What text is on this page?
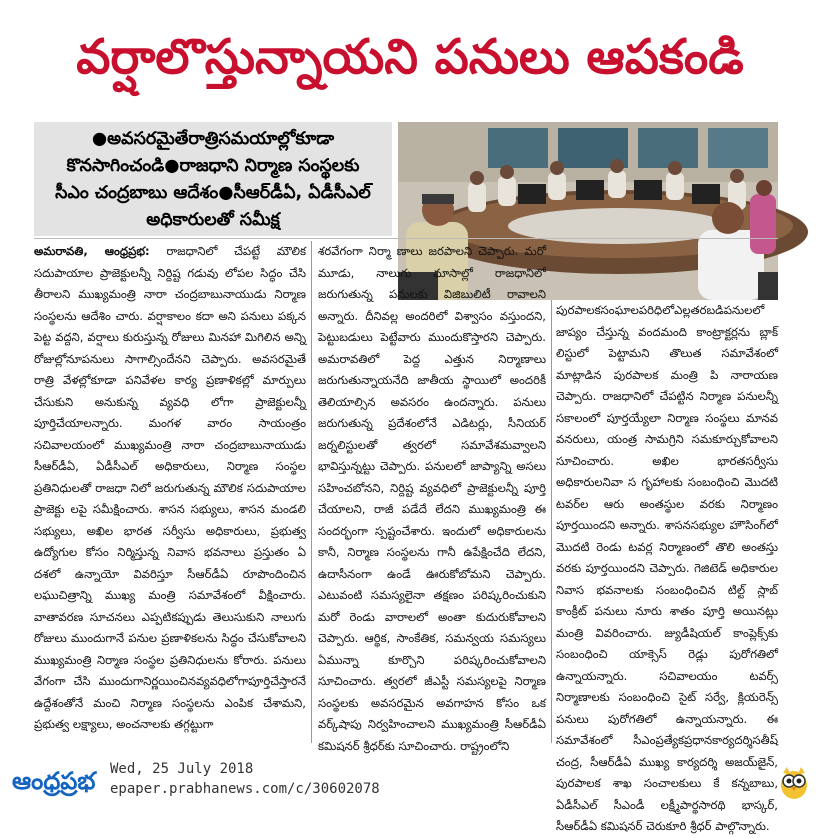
వర్షాలొస్తున్నాయని పనులు ఆపకండి
●అవసరమైతేరాత్రిసమయాల్లోకూడా
కొనసాగించండి●రాజధాని నిర్మాణ సంస్థలకు
సీఎం చంద్రబాబు ఆదేశం●సీఆర్‌డీఏ, ఏడీసీఎల్
అధికారులతో సమీక్ష

అమరావతి, ఆంధ్రప్రభ: రాజధానిలో చేపట్టే మౌలిక సదుపాయాల ప్రాజెక్టులన్నీ నిర్దిష్ట గడువు లోపల సిద్ధం చేసి తీరాలని ముఖ్యమంత్రి నారా చంద్రబాబునాయుడు నిర్మాణ సంస్థలను ఆదేశిం చారు. వర్షాకాలం కదా అని పనులు పక్కన పెట్ట వద్దని, వర్షాలు కురుస్తున్న రోజులు మినహా మిగిలిన అన్ని రోజుల్లోనూపనులు సాగాల్సిందేనని చెప్పారు. అవసరమైతే రాత్రి వేళల్లోకూడా పనివేళల కార్య ప్రణాళికల్లో మార్పులు చేసుకుని అనుకున్న వ్యవధి లోగా ప్రాజెక్టులన్నీ పూర్తిచేయాలన్నారు. మంగళ వారం సాయంత్రం సచివాలయంలో ముఖ్యమంత్రి నారా చంద్రబాబునాయుడు సీఆర్‌డీఏ, ఏడీసీఎల్ అధికారులు, నిర్మాణ సంస్థల ప్రతినిధులతో రాజధా నిలో జరుగుతున్న మౌలిక సదుపాయాల ప్రాజెక్టు లపై సమీక్షించారు. శాసన సభ్యులు, శాసన మండలి సభ్యులు, అఖిల భారత సర్వీసు అధికారులు, ప్రభుత్వ ఉద్యోగుల కోసం నిర్మిస్తున్న నివాస భవనాలు ప్రస్తుతం ఏ దశలో ఉన్నాయో వివరిస్తూ సీఆర్‌డీఏ రూపొందించిన లఘుచిత్రాన్ని ముఖ్య మంత్రి సమావేశంలో వీక్షించారు. వాతావరణ సూచనలు ఎప్పటికప్పుడు తెలుసుకుని నాలుగు రోజులు ముందుగానే పనుల ప్రణాళికలను సిద్ధం చేసుకోవాలని ముఖ్యమంత్రి నిర్మాణ సంస్థల ప్రతినిధులను కోరారు. పనులు వేగంగా చేసి ముందుగానిర్ణయించినవ్యవధిలోగాపూర్తిచేస్తారనే ఉద్దేశంతోనే మంచి నిర్మాణ సంస్థలను ఎంపిక చేశామని, ప్రభుత్వ లక్ష్యాలు, అంచనాలకు తగ్గట్టుగా

శరవేగంగా నిర్మా ణాలు జరపాలని చెప్పారు. మరో మూడు, నాలుగు మాసాల్లో రాజధానిలో జరుగుతున్న పనులకు విజిబులిటీ రావాలని అన్నారు. దీనివల్ల అందరిలో విశ్వాసం వస్తుందని, పెట్టుబడులు పెట్టేవారు ముందుకొస్తారని చెప్పారు. అమరావతిలో పెద్ద ఎత్తున నిర్మాణాలు జరుగుతున్నాయనేది జాతీయ స్థాయిలో అందరికీ తెలియాల్సిన అవసరం ఉందన్నారు. పనులు జరుగుతున్న ప్రదేశంలోనే ఎడిటర్లు, సీనియర్ జర్నలిస్టులతో త్వరలో సమావేశమవ్వాలని భావిస్తున్నట్టు చెప్పారు. పనులలో జాప్యాన్ని అసలు సహించబోనని, నిర్దిష్ట వ్యవధిలో ప్రాజెక్టులన్నీ పూర్తి చేయాలని, రాజీ పడేదే లేదని ముఖ్యమంత్రి ఈ సందర్భంగా స్పష్టంచేశారు. ఇందులో అధికారులను కానీ, నిర్మాణ సంస్థలను గానీ ఉపేక్షించేది లేదని, ఉదాసీనంగా ఉండే ఊరుకోబోమని చెప్పారు. ఎటువంటి సమస్యలైనా తక్షణం పరిష్కరించుకుని మరో రెండు వారాలలో అంతా కుదురుకోవాలని చెప్పారు. ఆర్థిక, సాంకేతిక, సమన్వయ సమస్యలు ఏమున్నా కూర్చొని పరిష్కరించుకోవాలని సూచించారు. త్వరలో జీఎస్టీ సమస్యలపై నిర్మాణ సంస్థలకు అవసరమైన అవగాహన కోసం ఒక వర్క్‌షాపు నిర్వహించాలని ముఖ్యమంత్రి సీఆర్‌డీఏ కమిషనర్ శ్రీధర్‌కు సూచించారు. రాష్ట్రంలోని

పురపాలకసంఘాలపరిధిలోఎల్లతరబడిపనులలో జాప్యం చేస్తున్న వందమంది కాంట్రాక్టర్లను బ్లాక్ లిస్టులో పెట్టామని తొలుత సమావేశంలో మాట్లాడిన పురపాలక మంత్రి పి నారాయణ చెప్పారు. రాజధానిలో చేపట్టిన నిర్మాణ పనులన్నీ సకాలంలో పూర్తయ్యేలా నిర్మాణ సంస్థలు మానవ వనరులు, యంత్ర సామగ్రిని సమకూర్చుకోవాలని సూచించారు. అఖిల భారతసర్వీసు అధికారులనివా స గృహాలకు సంబంధించి మొదటి టవర్‌ల ఆరు అంతస్థుల వరకు నిర్మాణం పూర్తయిందని అన్నారు. శాసనసభ్యుల హౌసింగ్‌లో మొదటి రెండు టవర్ల నిర్మాణంలో తొలి అంతస్తు వరకు పూర్తయిందని చెప్పారు. గెజిటెడ్ అధికారుల నివాస భవనాలకు సంబంధించిన టిల్ట్ స్లాబ్ కాంక్రీట్ పనులు నూరు శాతం పూర్తి అయినట్లు మంత్రి వివరించారు. జ్యుడీషియల్ కాంప్లెక్స్‌కు సంబంధించి యాక్సెస్ రెడ్లు పురోగతిలో ఉన్నాయన్నారు. సచివాలయం టవర్స్ నిర్మాణాలకు సంబంధించి సైట్ సర్వే, క్లియరెన్స్ పనులు పురోగతిలో ఉన్నాయన్నారు. ఈ సమావేశంలో సీఎంప్రత్యేకప్రధానకార్యదర్శిసతీష్ చంద్ర, సీఆర్‌డీఏ ముఖ్య కార్యదర్శి అజయ్‌జైన్, పురపాలక శాఖ సంచాలకులు కే కన్నబాబు, ఏడీసీఎల్ సీఎండీ లక్ష్మీపార్థసారథి భాస్కర్, సీఆర్‌డీఏ కమిషనర్ చెరుకూరి శ్రీధర్ పాల్గొన్నారు.

ఆంధ్రప్రభ Wed, 25 July 2018
epaper.prabhanews.com/c/30602078
